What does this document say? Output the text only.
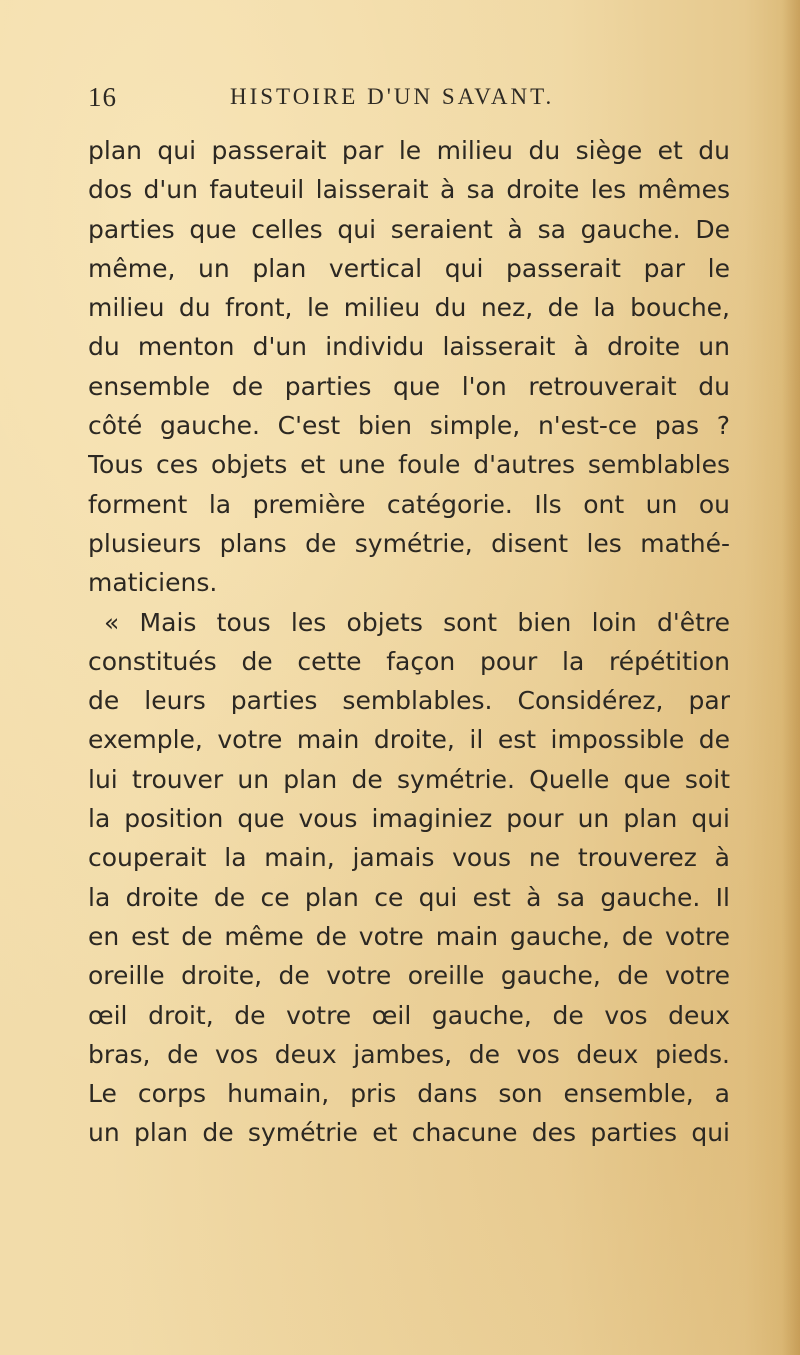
16	HISTOIRE D'UN SAVANT.
plan qui passerait par le milieu du siège et du
dos d'un fauteuil laisserait à sa droite les mêmes
parties que celles qui seraient à sa gauche. De
même, un plan vertical qui passerait par le
milieu du front, le milieu du nez, de la bouche,
du menton d'un individu laisserait à droite un
ensemble de parties que l'on retrouverait du
côté gauche. C'est bien simple, n'est-ce pas ?
Tous ces objets et une foule d'autres semblables
forment la première catégorie. Ils ont un ou
plusieurs plans de symétrie, disent les mathé-
maticiens.
« Mais tous les objets sont bien loin d'être
constitués de cette façon pour la répétition
de leurs parties semblables. Considérez, par
exemple, votre main droite, il est impossible de
lui trouver un plan de symétrie. Quelle que soit
la position que vous imaginiez pour un plan qui
couperait la main, jamais vous ne trouverez à
la droite de ce plan ce qui est à sa gauche. Il
en est de même de votre main gauche, de votre
oreille droite, de votre oreille gauche, de votre
œil droit, de votre œil gauche, de vos deux
bras, de vos deux jambes, de vos deux pieds.
Le corps humain, pris dans son ensemble, a
un plan de symétrie et chacune des parties qui
